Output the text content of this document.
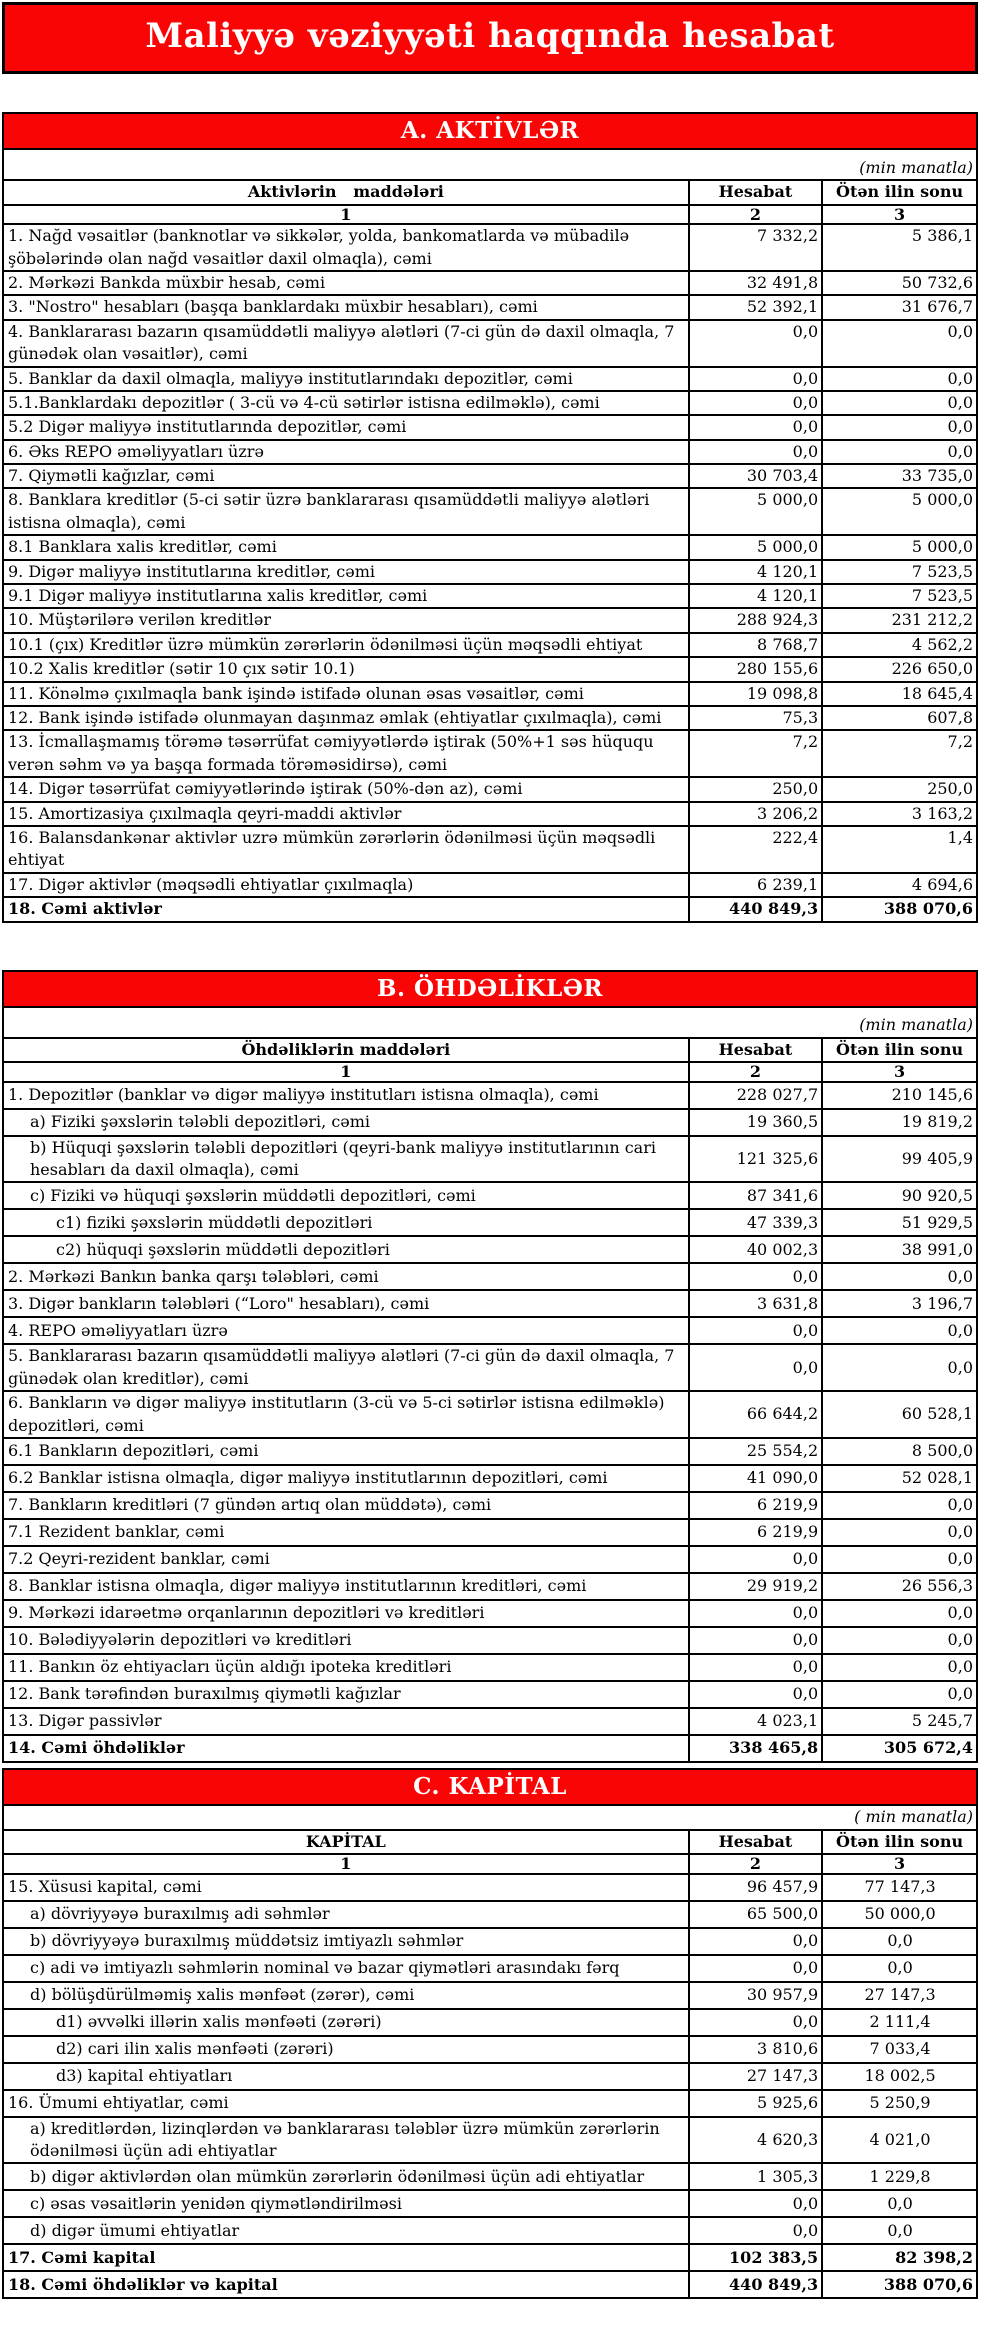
Maliyyə vəziyyəti haqqında hesabat
A. AKTİVLƏR		
(min manatla)		
Aktivlərin   maddələri	Hesabat	Ötən ilin sonu
1	2	3
1. Nağd vəsaitlər (banknotlar və sikkələr, yolda, bankomatlarda və mübadilə şöbələrində olan nağd vəsaitlər daxil olmaqla), cəmi	7 332,2	5 386,1
2. Mərkəzi Bankda müxbir hesab, cəmi	32 491,8	50 732,6
3. "Nostro" hesabları (başqa banklardakı müxbir hesabları), cəmi	52 392,1	31 676,7
4. Banklararası bazarın qısamüddətli maliyyə alətləri (7-ci gün də daxil olmaqla, 7 günədək olan vəsaitlər), cəmi	0,0	0,0
5. Banklar da daxil olmaqla, maliyyə institutlarındakı depozitlər, cəmi	0,0	0,0
5.1.Banklardakı depozitlər ( 3-cü və 4-cü sətirlər istisna edilməklə), cəmi	0,0	0,0
5.2 Digər maliyyə institutlarında depozitlər, cəmi	0,0	0,0
6. Əks REPO əməliyyatları üzrə	0,0	0,0
7. Qiymətli kağızlar, cəmi	30 703,4	33 735,0
8. Banklara kreditlər (5-ci sətir üzrə banklararası qısamüddətli maliyyə alətləri istisna olmaqla), cəmi	5 000,0	5 000,0
8.1 Banklara xalis kreditlər, cəmi	5 000,0	5 000,0
9. Digər maliyyə institutlarına kreditlər, cəmi	4 120,1	7 523,5
9.1 Digər maliyyə institutlarına xalis kreditlər, cəmi	4 120,1	7 523,5
10. Müştərilərə verilən kreditlər	288 924,3	231 212,2
10.1 (çıx) Kreditlər üzrə mümkün zərərlərin ödənilməsi üçün məqsədli ehtiyat	8 768,7	4 562,2
10.2 Xalis kreditlər (sətir 10 çıx sətir 10.1)	280 155,6	226 650,0
11. Könəlmə çıxılmaqla bank işində istifadə olunan əsas vəsaitlər, cəmi	19 098,8	18 645,4
12. Bank işində istifadə olunmayan daşınmaz əmlak (ehtiyatlar çıxılmaqla), cəmi	75,3	607,8
13. İcmallaşmamış törəmə təsərrüfat cəmiyyətlərdə iştirak (50%+1 səs hüququ verən səhm və ya başqa formada törəməsidirsə), cəmi	7,2	7,2
14. Digər təsərrüfat cəmiyyətlərində iştirak (50%-dən az), cəmi	250,0	250,0
15. Amortizasiya çıxılmaqla qeyri-maddi aktivlər	3 206,2	3 163,2
16. Balansdankənar aktivlər uzrə mümkün zərərlərin ödənilməsi üçün məqsədli ehtiyat	222,4	1,4
17. Digər aktivlər (məqsədli ehtiyatlar çıxılmaqla)	6 239,1	4 694,6
18. Cəmi aktivlər	440 849,3	388 070,6
B. ÖHDƏLİKLƏR		
(min manatla)		
Öhdəliklərin maddələri	Hesabat	Ötən ilin sonu
1	2	3
1. Depozitlər (banklar və digər maliyyə institutları istisna olmaqla), cəmi	228 027,7	210 145,6
a) Fiziki şəxslərin tələbli depozitləri, cəmi	19 360,5	19 819,2
b) Hüquqi şəxslərin tələbli depozitləri (qeyri-bank maliyyə institutlarının cari hesabları da daxil olmaqla), cəmi	121 325,6	99 405,9
c) Fiziki və hüquqi şəxslərin müddətli depozitləri, cəmi	87 341,6	90 920,5
c1) fiziki şəxslərin müddətli depozitləri	47 339,3	51 929,5
c2) hüquqi şəxslərin müddətli depozitləri	40 002,3	38 991,0
2. Mərkəzi Bankın banka qarşı tələbləri, cəmi	0,0	0,0
3. Digər bankların tələbləri (“Loro" hesabları), cəmi	3 631,8	3 196,7
4. REPO əməliyyatları üzrə	0,0	0,0
5. Banklararası bazarın qısamüddətli maliyyə alətləri (7-ci gün də daxil olmaqla, 7 günədək olan kreditlər), cəmi	0,0	0,0
6. Bankların və digər maliyyə institutların (3-cü və 5-ci sətirlər istisna edilməklə) depozitləri, cəmi	66 644,2	60 528,1
6.1 Bankların depozitləri, cəmi	25 554,2	8 500,0
6.2 Banklar istisna olmaqla, digər maliyyə institutlarının depozitləri, cəmi	41 090,0	52 028,1
7. Bankların kreditləri (7 gündən artıq olan müddətə), cəmi	6 219,9	0,0
7.1 Rezident banklar, cəmi	6 219,9	0,0
7.2 Qeyri-rezident banklar, cəmi	0,0	0,0
8. Banklar istisna olmaqla, digər maliyyə institutlarının kreditləri, cəmi	29 919,2	26 556,3
9. Mərkəzi idarəetmə orqanlarının depozitləri və kreditləri	0,0	0,0
10. Bələdiyyələrin depozitləri və kreditləri	0,0	0,0
11. Bankın öz ehtiyacları üçün aldığı ipoteka kreditləri	0,0	0,0
12. Bank tərəfindən buraxılmış qiymətli kağızlar	0,0	0,0
13. Digər passivlər	4 023,1	5 245,7
14. Cəmi öhdəliklər	338 465,8	305 672,4
C. KAPİTAL		
( min manatla)		
KAPİTAL	Hesabat	Ötən ilin sonu
1	2	3
15. Xüsusi kapital, cəmi	96 457,9	77 147,3
a) dövriyyəyə buraxılmış adi səhmlər	65 500,0	50 000,0
b) dövriyyəyə buraxılmış müddətsiz imtiyazlı səhmlər	0,0	0,0
c) adi və imtiyazlı səhmlərin nominal və bazar qiymətləri arasındakı fərq	0,0	0,0
d) bölüşdürülməmiş xalis mənfəət (zərər), cəmi	30 957,9	27 147,3
d1) əvvəlki illərin xalis mənfəəti (zərəri)	0,0	2 111,4
d2) cari ilin xalis mənfəəti (zərəri)	3 810,6	7 033,4
d3) kapital ehtiyatları	27 147,3	18 002,5
16. Ümumi ehtiyatlar, cəmi	5 925,6	5 250,9
a) kreditlərdən, lizinqlərdən və banklararası tələblər üzrə mümkün zərərlərin ödənilməsi üçün adi ehtiyatlar	4 620,3	4 021,0
b) digər aktivlərdən olan mümkün zərərlərin ödənilməsi üçün adi ehtiyatlar	1 305,3	1 229,8
c) əsas vəsaitlərin yenidən qiymətləndirilməsi	0,0	0,0
d) digər ümumi ehtiyatlar	0,0	0,0
17. Cəmi kapital	102 383,5	82 398,2
18. Cəmi öhdəliklər və kapital	440 849,3	388 070,6
